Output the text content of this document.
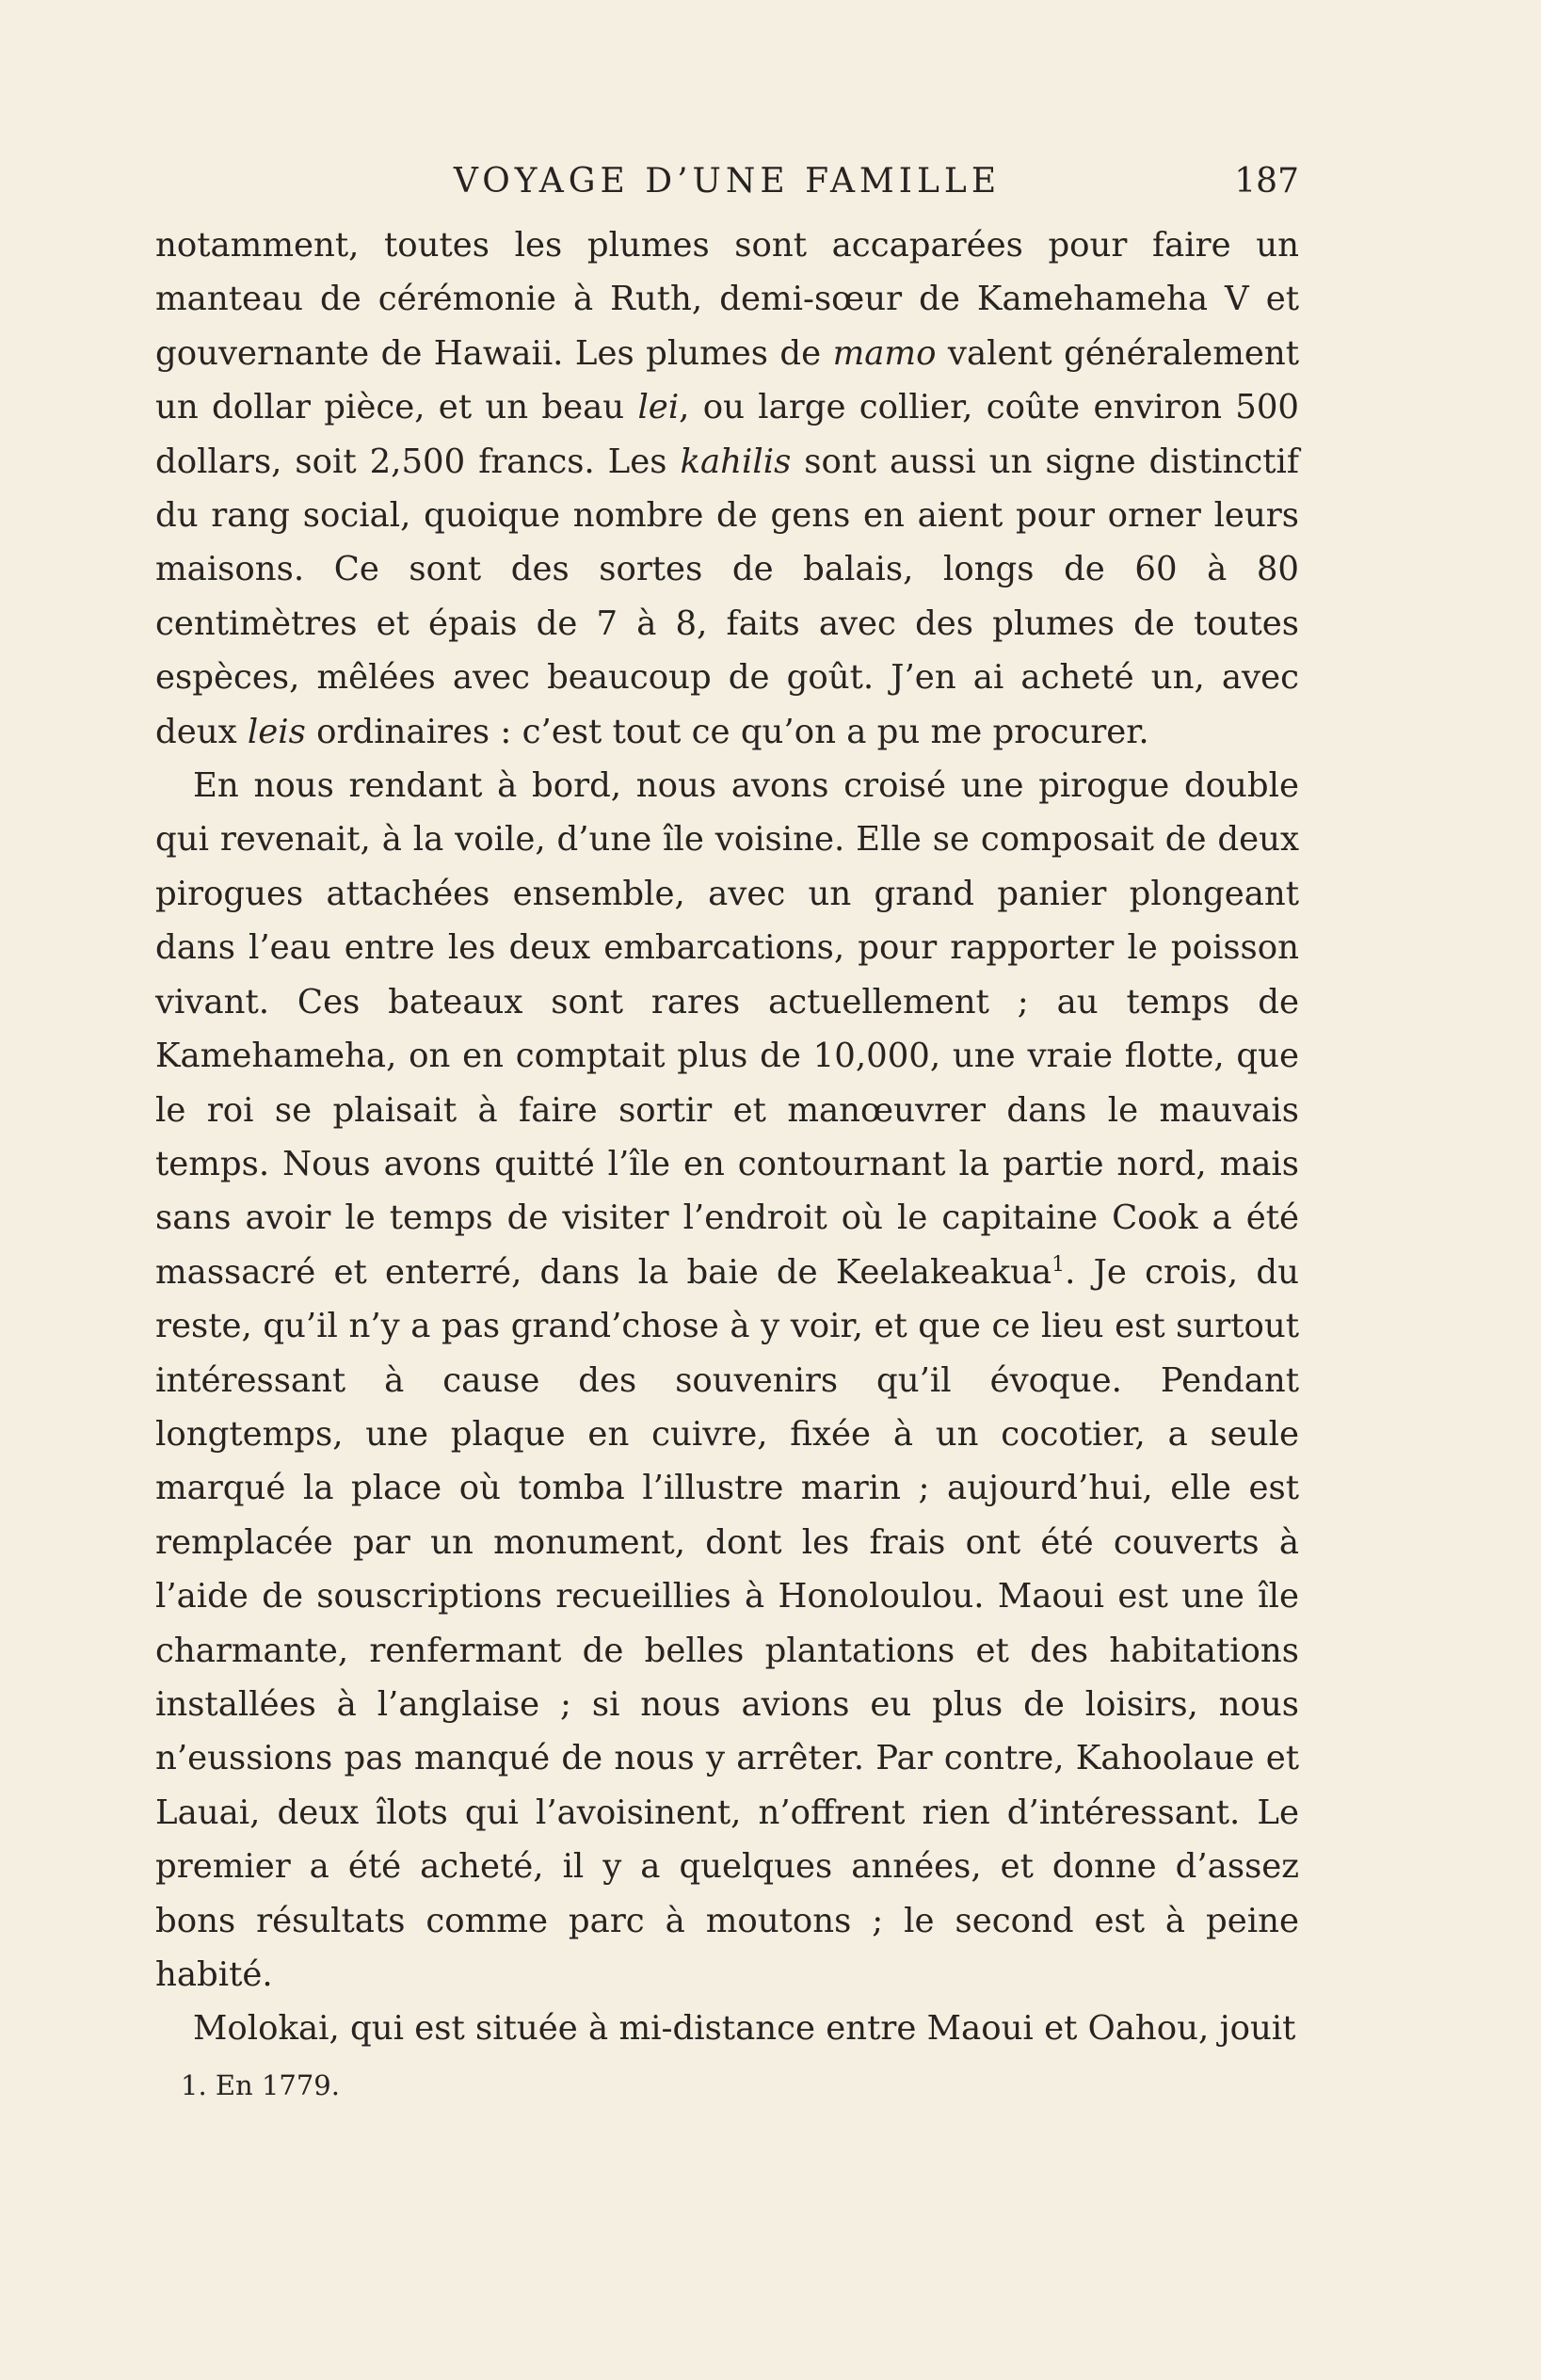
VOYAGE D’UNE FAMILLE	187

notamment, toutes les plumes sont accaparées pour faire un manteau de cérémonie à Ruth, demi-sœur de Kamehameha V et gouvernante de Hawaii. Les plumes de mamo valent généralement un dollar pièce, et un beau lei, ou large collier, coûte environ 500 dollars, soit 2,500 francs. Les kahilis sont aussi un signe distinctif du rang social, quoique nombre de gens en aient pour orner leurs maisons. Ce sont des sortes de balais, longs de 60 à 80 centimètres et épais de 7 à 8, faits avec des plumes de toutes espèces, mêlées avec beaucoup de goût. J’en ai acheté un, avec deux leis ordinaires : c’est tout ce qu’on a pu me procurer.

En nous rendant à bord, nous avons croisé une pirogue double qui revenait, à la voile, d’une île voisine. Elle se composait de deux pirogues attachées ensemble, avec un grand panier plongeant dans l’eau entre les deux embarcations, pour rapporter le poisson vivant. Ces bateaux sont rares actuellement ; au temps de Kamehameha, on en comptait plus de 10,000, une vraie flotte, que le roi se plaisait à faire sortir et manœuvrer dans le mauvais temps. Nous avons quitté l’île en contournant la partie nord, mais sans avoir le temps de visiter l’endroit où le capitaine Cook a été massacré et enterré, dans la baie de Keelakeakua$^1$. Je crois, du reste, qu’il n’y a pas grand’chose à y voir, et que ce lieu est surtout intéressant à cause des souvenirs qu’il évoque. Pendant longtemps, une plaque en cuivre, fixée à un cocotier, a seule marqué la place où tomba l’illustre marin ; aujourd’hui, elle est remplacée par un monument, dont les frais ont été couverts à l’aide de souscriptions recueillies à Honoloulou. Maoui est une île charmante, renfermant de belles plantations et des habitations installées à l’anglaise ; si nous avions eu plus de loisirs, nous n’eussions pas manqué de nous y arrêter. Par contre, Kahoolaue et Lauai, deux îlots qui l’avoisinent, n’offrent rien d’intéressant. Le premier a été acheté, il y a quelques années, et donne d’assez bons résultats comme parc à moutons ; le second est à peine habité.

Molokai, qui est située à mi-distance entre Maoui et Oahou, jouit

1. En 1779.
